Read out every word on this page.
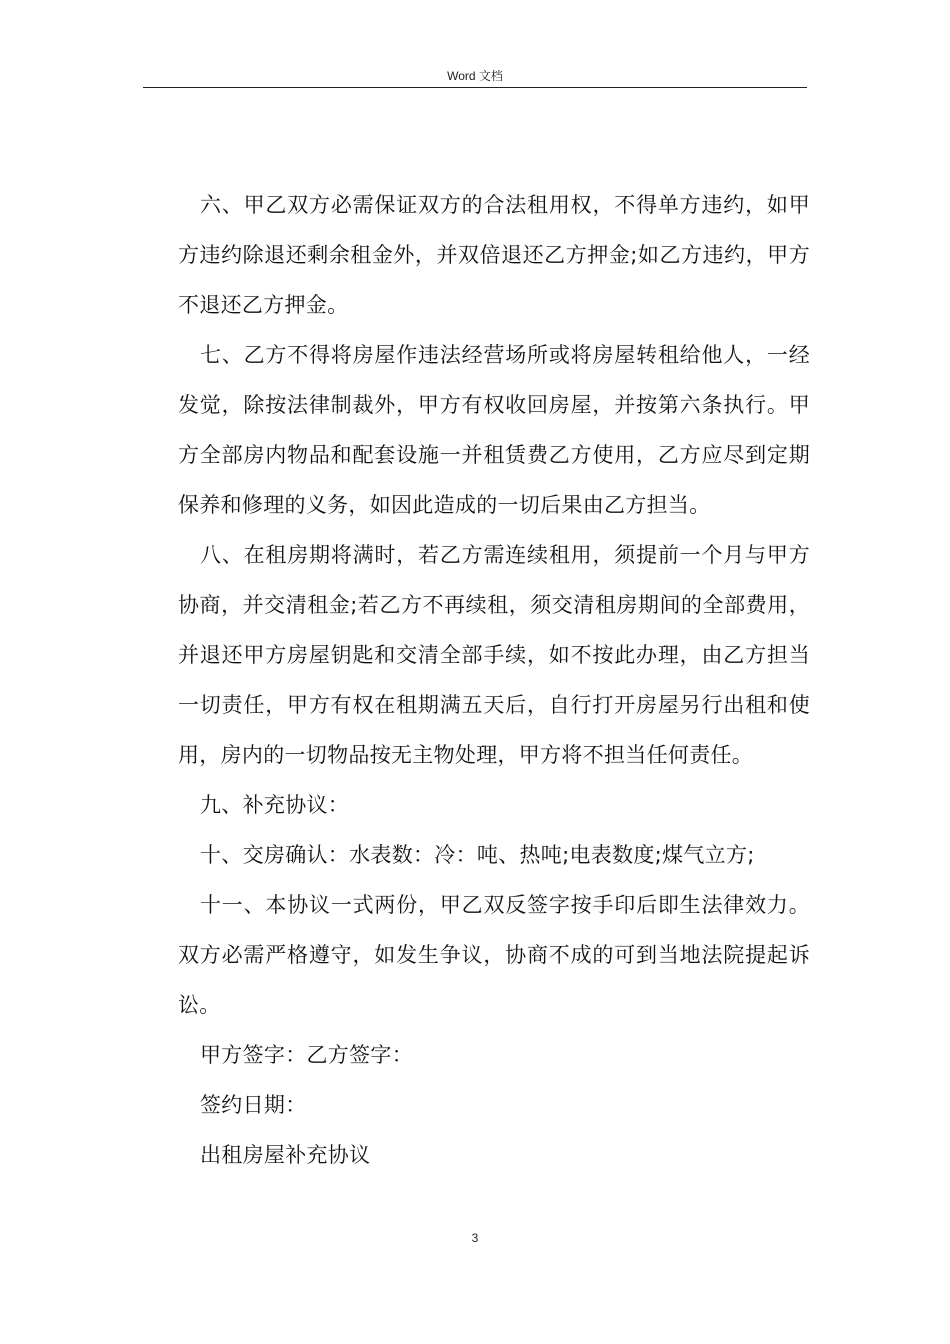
Word 文档

六、甲乙双方必需保证双方的合法租用权，不得单方违约，如甲方违约除退还剩余租金外，并双倍退还乙方押金;如乙方违约，甲方不退还乙方押金。

七、乙方不得将房屋作违法经营场所或将房屋转租给他人，一经发觉，除按法律制裁外，甲方有权收回房屋，并按第六条执行。甲方全部房内物品和配套设施一并租赁费乙方使用，乙方应尽到定期保养和修理的义务，如因此造成的一切后果由乙方担当。

八、在租房期将满时，若乙方需连续租用，须提前一个月与甲方协商，并交清租金;若乙方不再续租，须交清租房期间的全部费用，并退还甲方房屋钥匙和交清全部手续，如不按此办理，由乙方担当一切责任，甲方有权在租期满五天后，自行打开房屋另行出租和使用，房内的一切物品按无主物处理，甲方将不担当任何责任。

九、补充协议：

十、交房确认：水表数：冷：吨、热吨;电表数度;煤气立方;

十一、本协议一式两份，甲乙双反签字按手印后即生法律效力。双方必需严格遵守，如发生争议，协商不成的可到当地法院提起诉讼。

甲方签字：乙方签字：

签约日期：

出租房屋补充协议

3
